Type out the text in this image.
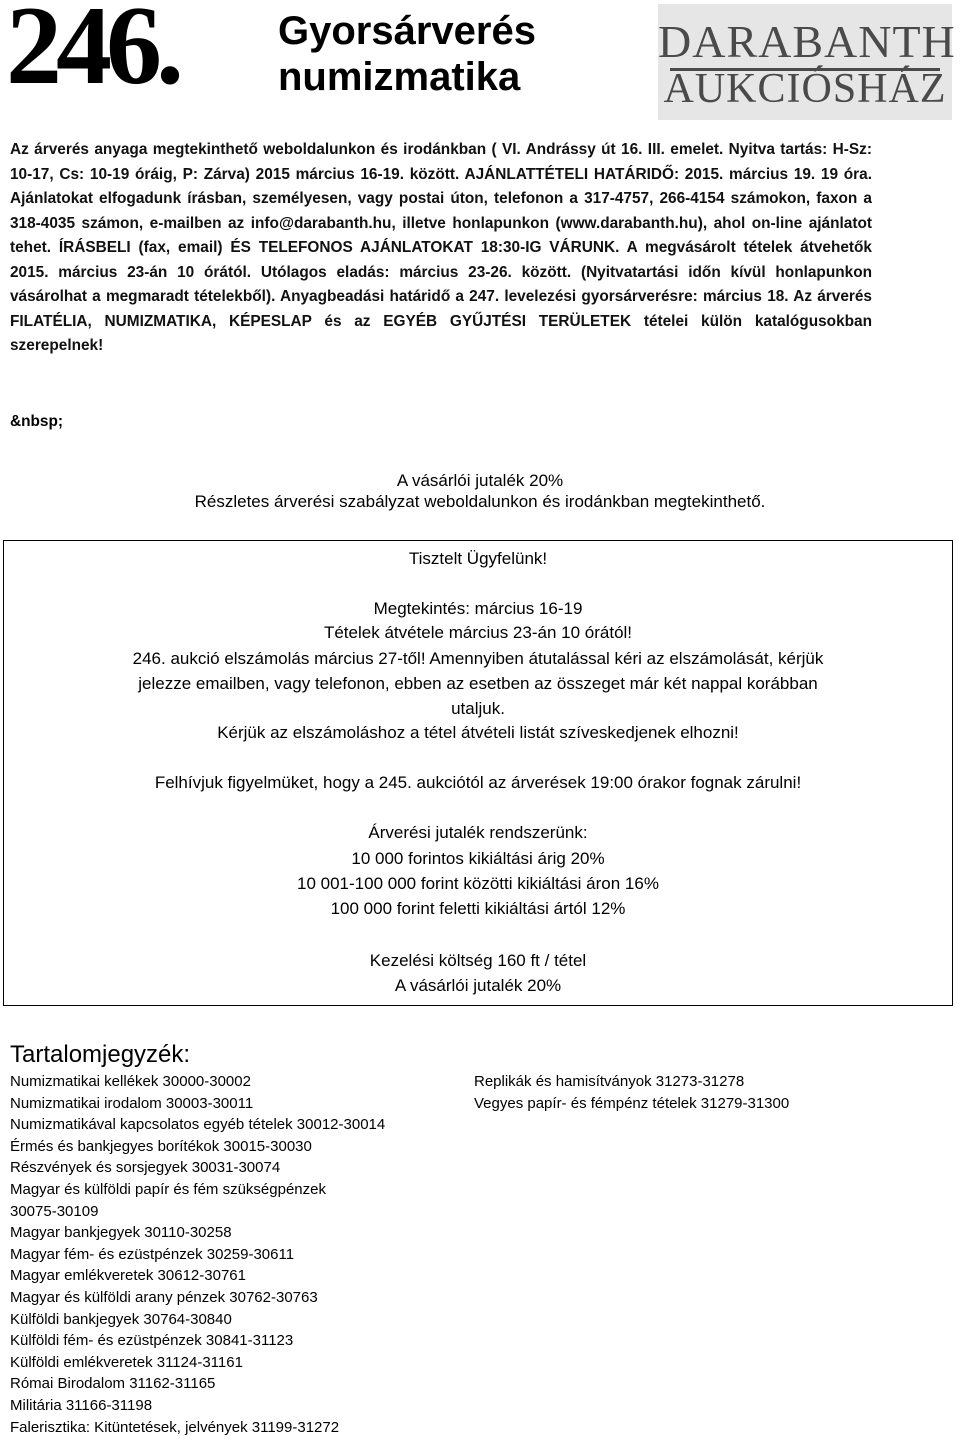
246.	Gyorsárverés
numizmatika
DARABANTH
AUKCIÓSHÁZ
Az árverés anyaga megtekinthető weboldalunkon és irodánkban ( VI. Andrássy út 16. III. emelet. Nyitva tartás: H-Sz: 10-17, Cs: 10-19 óráig, P: Zárva) 2015 március 16-19. között. AJÁNLATTÉTELI HATÁRIDŐ: 2015. március 19. 19 óra. Ajánlatokat elfogadunk írásban, személyesen, vagy postai úton, telefonon a 317-4757, 266-4154 számokon, faxon a 318-4035 számon, e-mailben az info@darabanth.hu, illetve honlapunkon (www.darabanth.hu), ahol on-line ajánlatot tehet. ÍRÁSBELI (fax, email) ÉS TELEFONOS AJÁNLATOKAT 18:30-IG VÁRUNK. A megvásárolt tételek átvehetők 2015. március 23-án 10 órától. Utólagos eladás: március 23-26. között. (Nyitvatartási időn kívül honlapunkon vásárolhat a megmaradt tételekből). Anyagbeadási határidő a 247. levelezési gyorsárverésre: március 18. Az árverés FILATÉLIA, NUMIZMATIKA, KÉPESLAP és az EGYÉB GYŰJTÉSI TERÜLETEK tételei külön katalógusokban szerepelnek!
&nbsp;
A vásárlói jutalék 20%
Részletes árverési szabályzat weboldalunkon és irodánkban megtekinthető.
Tisztelt Ügyfelünk!
Megtekintés: március 16-19
Tételek átvétele március 23-án 10 órától!
246. aukció elszámolás március 27-től! Amennyiben átutalással kéri az elszámolását, kérjük
jelezze emailben, vagy telefonon, ebben az esetben az összeget már két nappal korábban
utaljuk.
Kérjük az elszámoláshoz a tétel átvételi listát szíveskedjenek elhozni!
Felhívjuk figyelmüket, hogy a 245. aukciótól az árverések 19:00 órakor fognak zárulni!
Árverési jutalék rendszerünk:
10 000 forintos kikiáltási árig 20%
10 001-100 000 forint közötti kikiáltási áron 16%
100 000 forint feletti kikiáltási ártól 12%
Kezelési költség 160 ft / tétel
A vásárlói jutalék 20%
Tartalomjegyzék:
Numizmatikai kellékek 30000-30002
Numizmatikai irodalom 30003-30011
Numizmatikával kapcsolatos egyéb tételek 30012-30014
Érmés és bankjegyes borítékok 30015-30030
Részvények és sorsjegyek 30031-30074
Magyar és külföldi papír és fém szükségpénzek
30075-30109
Magyar bankjegyek 30110-30258
Magyar fém- és ezüstpénzek 30259-30611
Magyar emlékveretek 30612-30761
Magyar és külföldi arany pénzek 30762-30763
Külföldi bankjegyek 30764-30840
Külföldi fém- és ezüstpénzek 30841-31123
Külföldi emlékveretek 31124-31161
Római Birodalom 31162-31165
Militária 31166-31198
Falerisztika: Kitüntetések, jelvények 31199-31272
Replikák és hamisítványok 31273-31278
Vegyes papír- és fémpénz tételek 31279-31300
